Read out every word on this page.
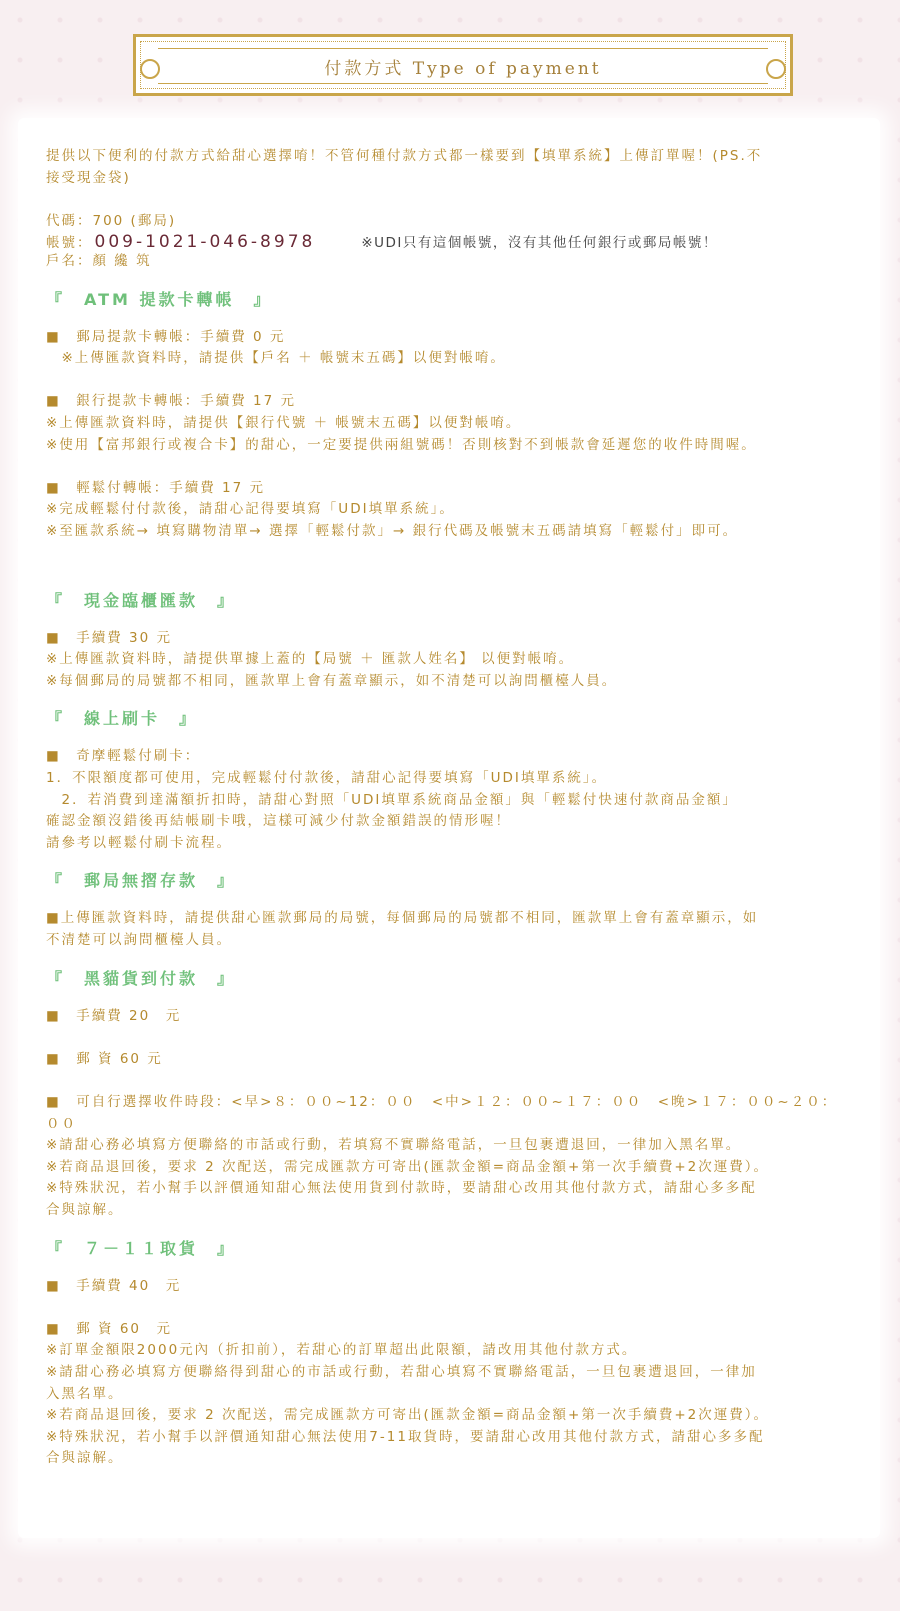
付款方式 Type of payment

提供以下便利的付款方式給甜心選擇唷！不管何種付款方式都一樣要到【填單系統】上傳訂單喔！(PS.不

接受現金袋)

代碼：700 (郵局)

帳號： 009-1021-046-8978	※UDI只有這個帳號，沒有其他任何銀行或郵局帳號！

戶名：顏 纔 筑

『　ATM 提款卡轉帳　』

■　郵局提款卡轉帳：手續費 0 元

　※上傳匯款資料時，請提供【戶名 ＋ 帳號末五碼】以便對帳唷。

■　銀行提款卡轉帳：手續費 17 元

※上傳匯款資料時，請提供【銀行代號 ＋ 帳號末五碼】以便對帳唷。

※使用【富邦銀行或複合卡】的甜心，一定要提供兩組號碼！否則核對不到帳款會延遲您的收件時間喔。

■　輕鬆付轉帳：手續費 17 元

※完成輕鬆付付款後，請甜心記得要填寫「UDI填單系統」。

※至匯款系統→ 填寫購物清單→ 選擇「輕鬆付款」→ 銀行代碼及帳號末五碼請填寫「輕鬆付」即可。

『　現金臨櫃匯款　』

■　手續費 30 元

※上傳匯款資料時，請提供單據上蓋的【局號 ＋ 匯款人姓名】 以便對帳唷。

※每個郵局的局號都不相同，匯款單上會有蓋章顯示，如不清楚可以詢問櫃檯人員。

『　線上刷卡　』

■　奇摩輕鬆付刷卡：

1．不限額度都可使用，完成輕鬆付付款後，請甜心記得要填寫「UDI填單系統」。

　2．若消費到達滿額折扣時，請甜心對照「UDI填單系統商品金額」與「輕鬆付快速付款商品金額」

確認金額沒錯後再結帳刷卡哦，這樣可減少付款金額錯誤的情形喔！

請參考以輕鬆付刷卡流程。

『　郵局無摺存款　』

■上傳匯款資料時，請提供甜心匯款郵局的局號，每個郵局的局號都不相同，匯款單上會有蓋章顯示，如

不清楚可以詢問櫃檯人員。

『　黑貓貨到付款　』

■　手續費 20　元

■　郵 資 60 元

■　可自行選擇收件時段：<早>８：００~12：００　<中>１２：００~１７：００　<晚>１７：００~２０：００

※請甜心務必填寫方便聯絡的市話或行動，若填寫不實聯絡電話，一旦包裹遭退回，一律加入黑名單。

※若商品退回後，要求 2 次配送，需完成匯款方可寄出(匯款金額=商品金額+第一次手續費+2次運費）。

※特殊狀況，若小幫手以評價通知甜心無法使用貨到付款時，要請甜心改用其他付款方式，請甜心多多配

合與諒解。

『　７－１１取貨　』

■　手續費 40　元

■　郵 資 60　元

※訂單金額限2000元內（折扣前），若甜心的訂單超出此限額，請改用其他付款方式。

※請甜心務必填寫方便聯絡得到甜心的市話或行動，若甜心填寫不實聯絡電話，一旦包裹遭退回，一律加

入黑名單。

※若商品退回後，要求 2 次配送，需完成匯款方可寄出(匯款金額=商品金額+第一次手續費+2次運費）。

※特殊狀況，若小幫手以評價通知甜心無法使用7-11取貨時，要請甜心改用其他付款方式，請甜心多多配

合與諒解。
